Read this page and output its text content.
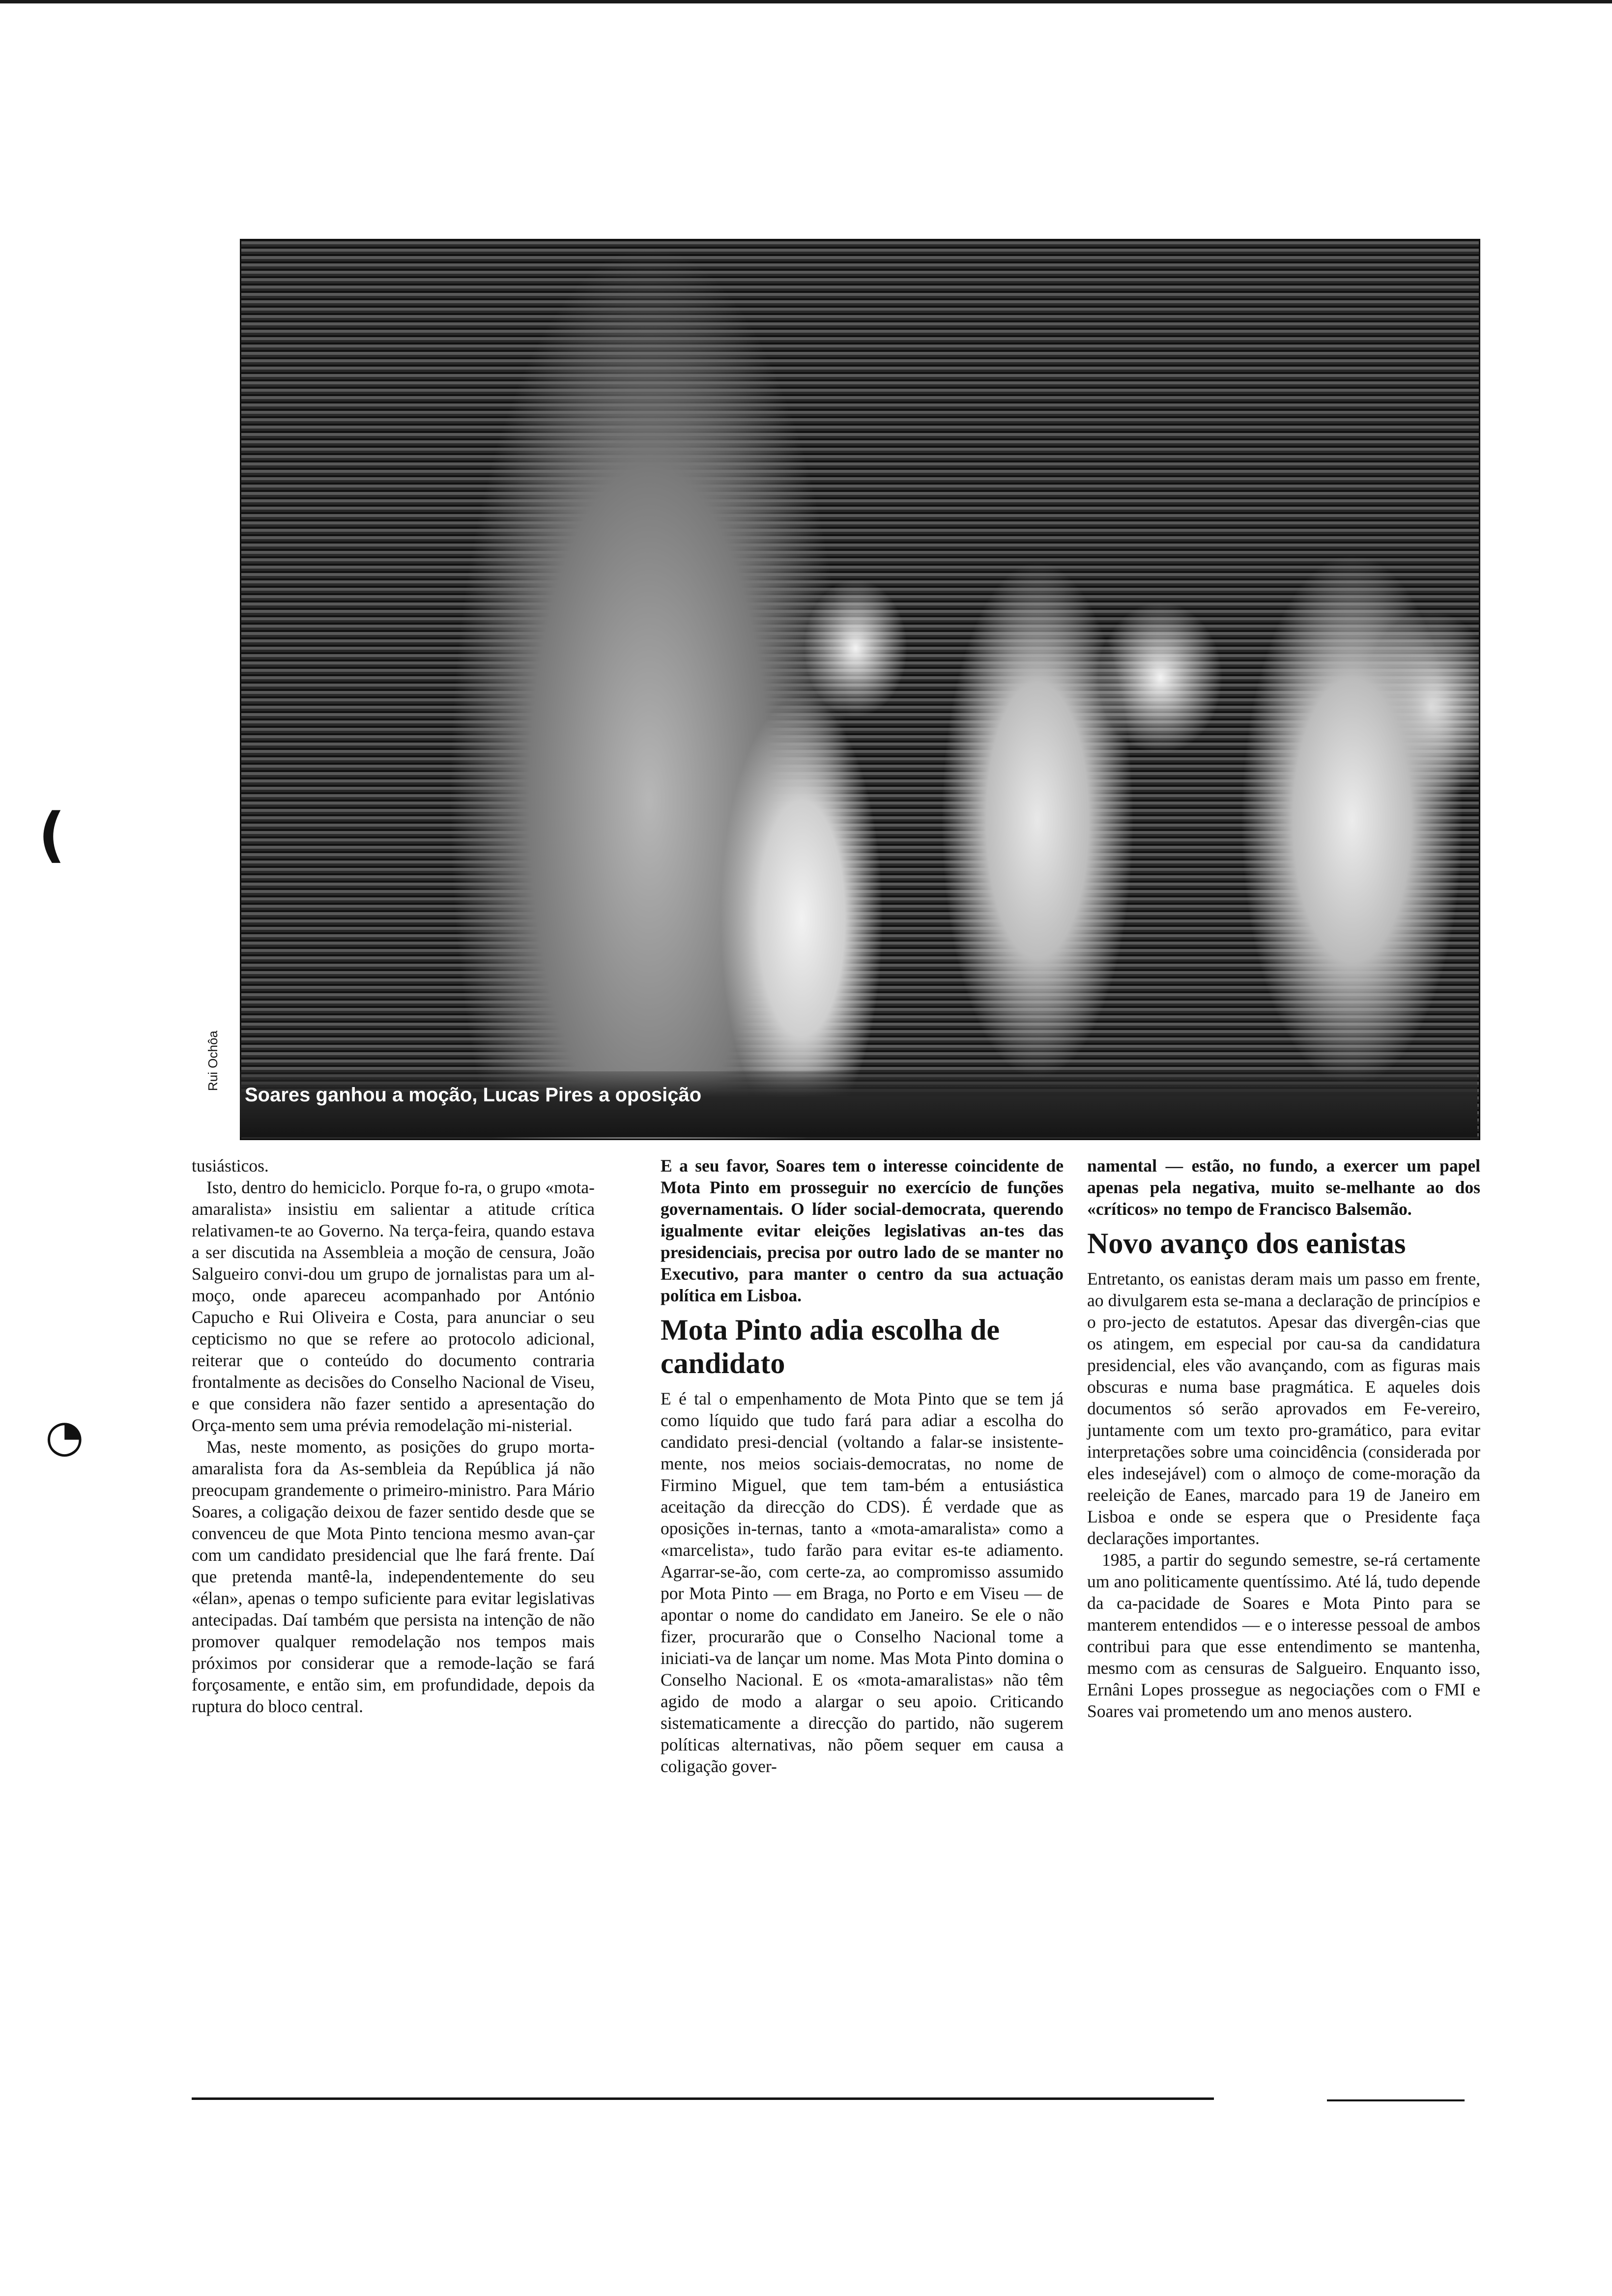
(
◔
Rui Ochôa
Soares ganhou a moção, Lucas Pires a oposição

tusiásticos.

Isto, dentro do hemiciclo. Porque fo-ra, o grupo «mota-amaralista» insistiu em salientar a atitude crítica relativamen-te ao Governo. Na terça-feira, quando estava a ser discutida na Assembleia a moção de censura, João Salgueiro convi-dou um grupo de jornalistas para um al-moço, onde apareceu acompanhado por António Capucho e Rui Oliveira e Costa, para anunciar o seu cepticismo no que se refere ao protocolo adicional, reiterar que o conteúdo do documento contraria frontalmente as decisões do Conselho Nacional de Viseu, e que considera não fazer sentido a apresentação do Orça-mento sem uma prévia remodelação mi-nisterial.

Mas, neste momento, as posições do grupo morta-amaralista fora da As-sembleia da República já não preocupam grandemente o primeiro-ministro. Para Mário Soares, a coligação deixou de fazer sentido desde que se convenceu de que Mota Pinto tenciona mesmo avan-çar com um candidato presidencial que lhe fará frente. Daí que pretenda mantê-la, independentemente do seu «élan», apenas o tempo suficiente para evitar legislativas antecipadas. Daí também que persista na intenção de não promover qualquer remodelação nos tempos mais próximos por considerar que a remode-lação se fará forçosamente, e então sim, em profundidade, depois da ruptura do bloco central.

E a seu favor, Soares tem o interesse coincidente de Mota Pinto em prosseguir no exercício de funções governamentais. O líder social-democrata, querendo igualmente evitar eleições legislativas an-tes das presidenciais, precisa por outro lado de se manter no Executivo, para manter o centro da sua actuação política em Lisboa.

Mota Pinto adia escolha de candidato

E é tal o empenhamento de Mota Pinto que se tem já como líquido que tudo fará para adiar a escolha do candidato presi-dencial (voltando a falar-se insistente-mente, nos meios sociais-democratas, no nome de Firmino Miguel, que tem tam-bém a entusiástica aceitação da direcção do CDS). É verdade que as oposições in-ternas, tanto a «mota-amaralista» como a «marcelista», tudo farão para evitar es-te adiamento. Agarrar-se-ão, com certe-za, ao compromisso assumido por Mota Pinto — em Braga, no Porto e em Viseu — de apontar o nome do candidato em Janeiro. Se ele o não fizer, procurarão que o Conselho Nacional tome a iniciati-va de lançar um nome. Mas Mota Pinto domina o Conselho Nacional. E os «mota-amaralistas» não têm agido de modo a alargar o seu apoio. Criticando sistematicamente a direcção do partido, não sugerem políticas alternativas, não põem sequer em causa a coligação gover-

namental — estão, no fundo, a exercer um papel apenas pela negativa, muito se-melhante ao dos «críticos» no tempo de Francisco Balsemão.

Novo avanço dos eanistas

Entretanto, os eanistas deram mais um passo em frente, ao divulgarem esta se-mana a declaração de princípios e o pro-jecto de estatutos. Apesar das divergên-cias que os atingem, em especial por cau-sa da candidatura presidencial, eles vão avançando, com as figuras mais obscuras e numa base pragmática. E aqueles dois documentos só serão aprovados em Fe-vereiro, juntamente com um texto pro-gramático, para evitar interpretações sobre uma coincidência (considerada por eles indesejável) com o almoço de come-moração da reeleição de Eanes, marcado para 19 de Janeiro em Lisboa e onde se espera que o Presidente faça declarações importantes.

1985, a partir do segundo semestre, se-rá certamente um ano politicamente quentíssimo. Até lá, tudo depende da ca-pacidade de Soares e Mota Pinto para se manterem entendidos — e o interesse pessoal de ambos contribui para que esse entendimento se mantenha, mesmo com as censuras de Salgueiro. Enquanto isso, Ernâni Lopes prossegue as negociações com o FMI e Soares vai prometendo um ano menos austero.
